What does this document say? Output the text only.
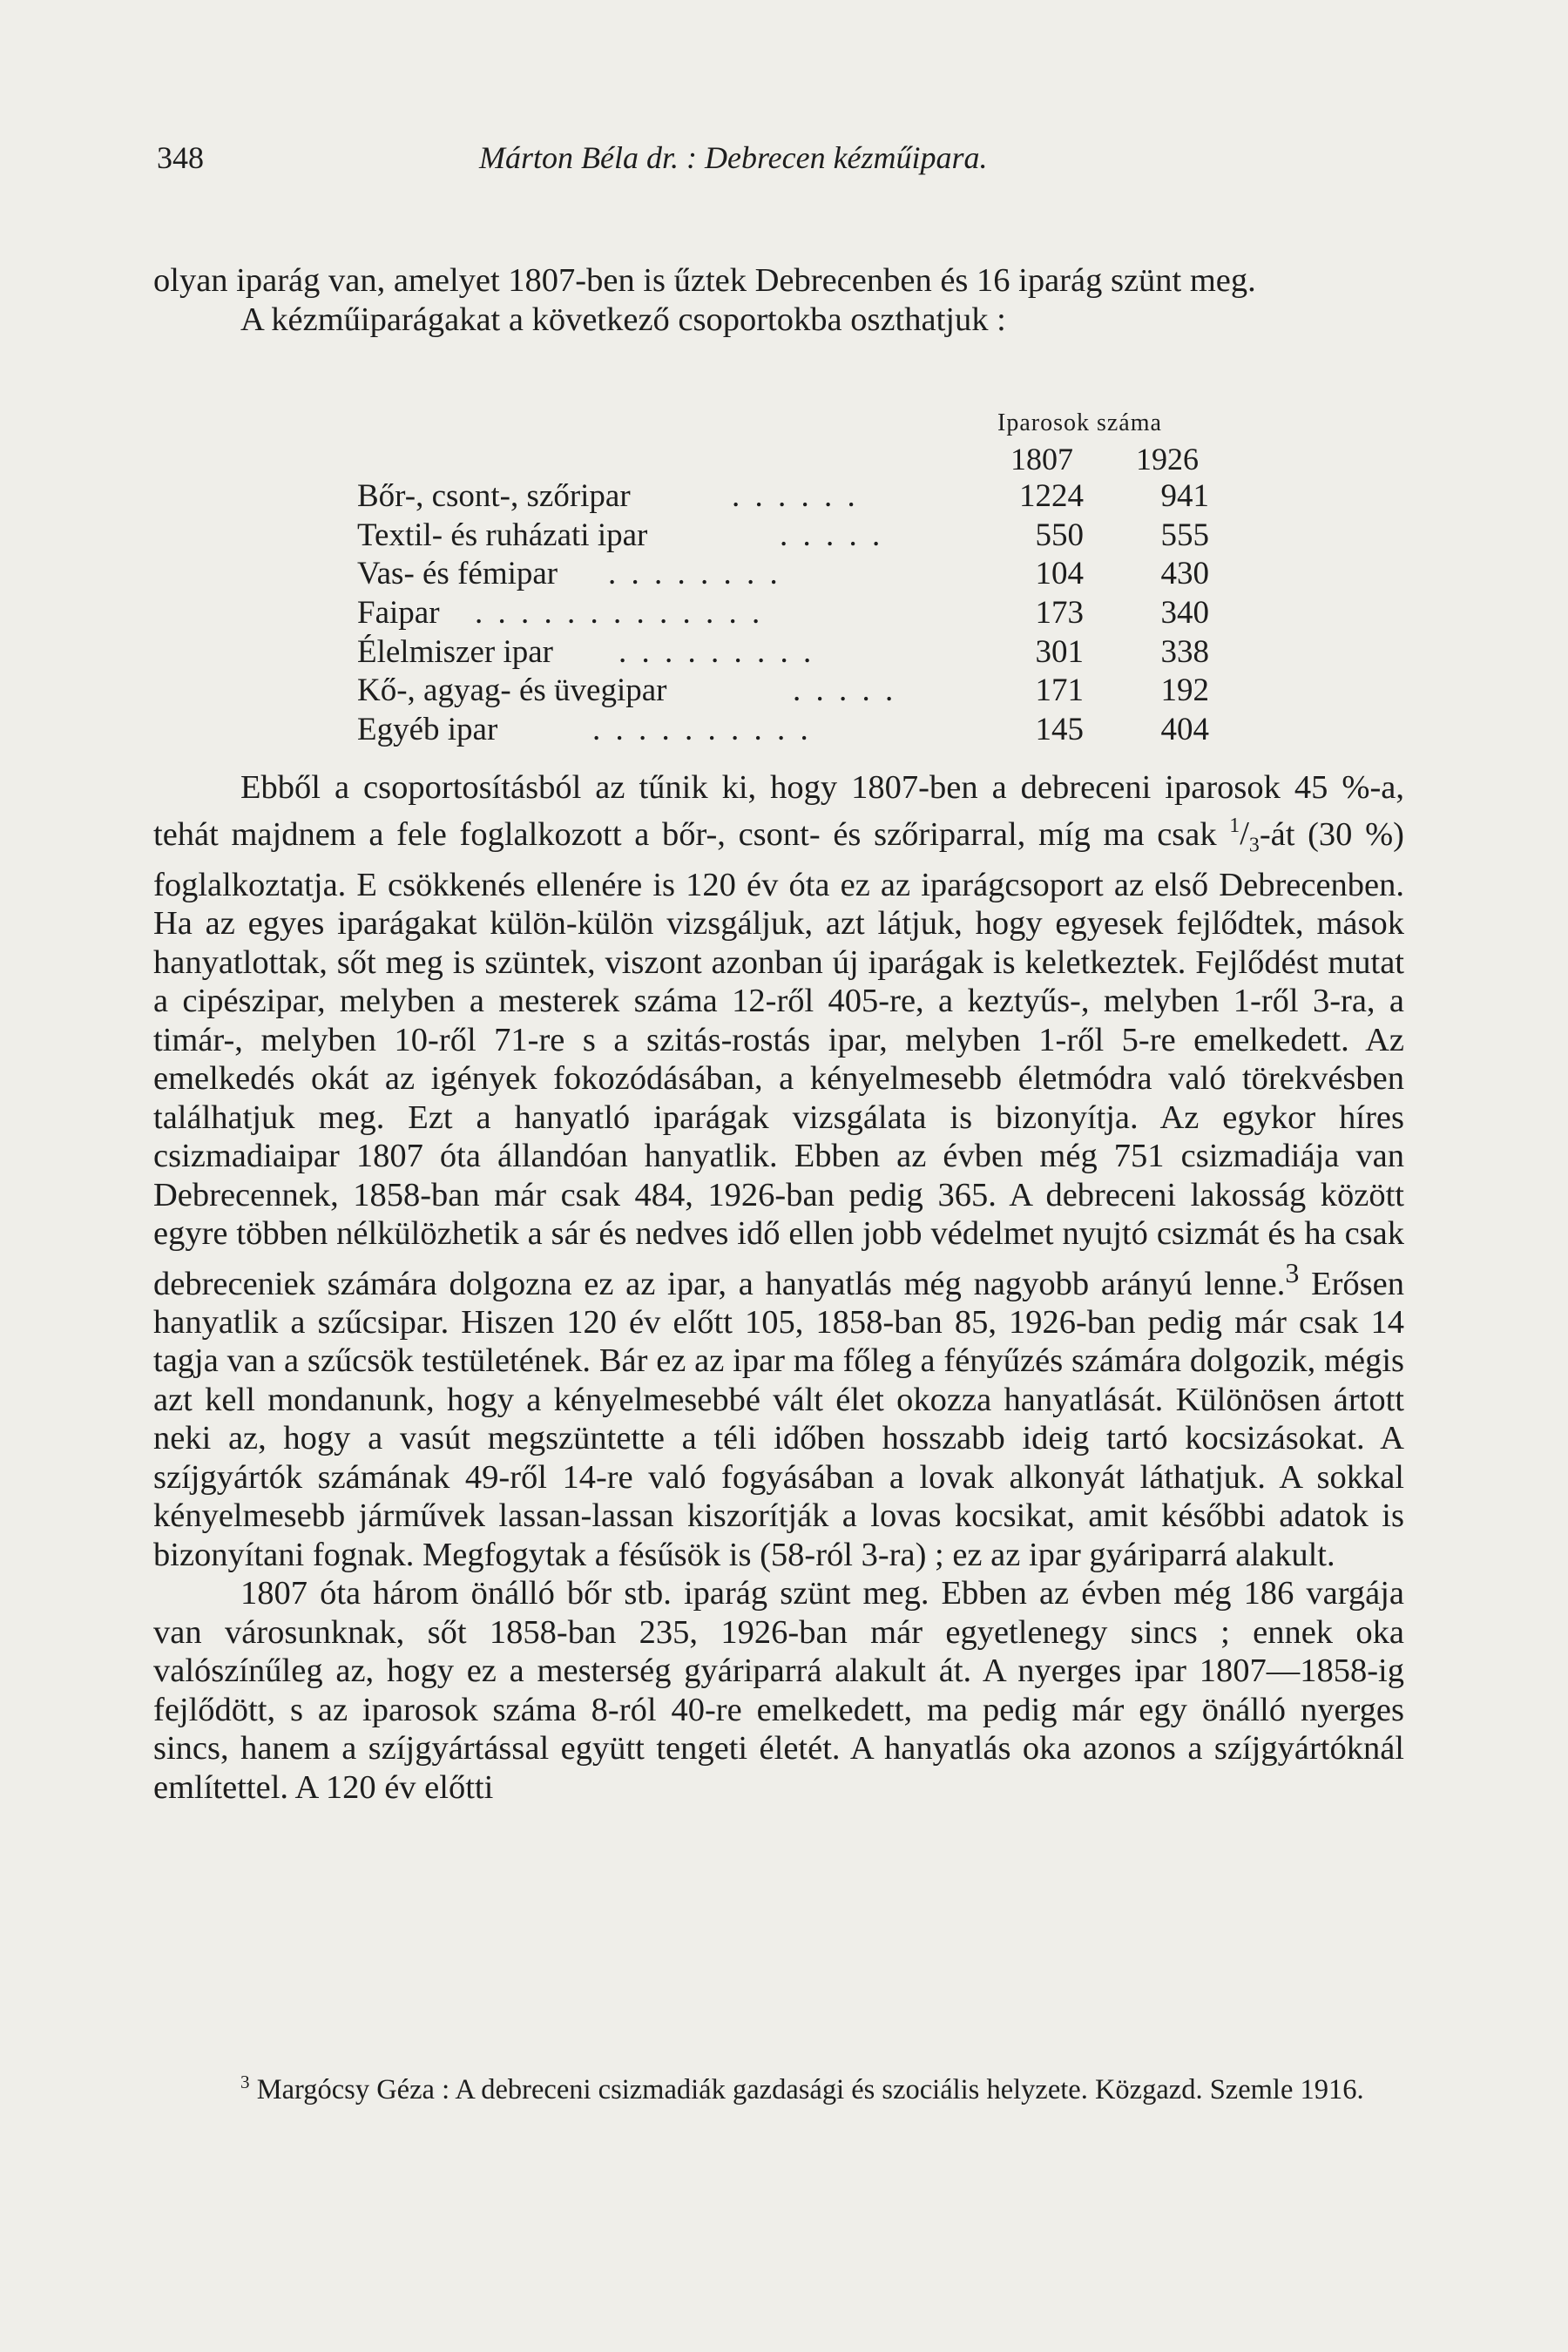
348	Márton Béla dr. : Debrecen kézműipara.

olyan iparág van, amelyet 1807-ben is űztek Debrecenben és 16 iparág szünt meg.

A kézműiparágakat a következő csoportokba oszthatjuk :

Iparosok száma
1807 1926
Bőr-, csont-, szőripar	. . . . . .	1224	941
Textil- és ruházati ipar	. . . . .	550	555
Vas- és fémipar . . . . . . . .	104	430
Faipar . . . . . . . . . . . . .	173	340
Élelmiszer ipar . . . . . . . . .	301	338
Kő-, agyag- és üvegipar	. . . . .	171	192
Egyéb ipar	. . . . . . . . . .	145	404

Ebből a csoportosításból az tűnik ki, hogy 1807-ben a debreceni iparosok 45 %-a, tehát majdnem a fele foglalkozott a bőr-, csont- és szőriparral, míg ma csak $^1/_3-át$ (30 %) foglalkoztatja. E csökkenés ellenére is 120 év óta ez az iparágcsoport az első Debrecenben. Ha az egyes iparágakat külön-külön vizsgáljuk, azt látjuk, hogy egyesek fejlődtek, mások hanyatlottak, sőt meg is szüntek, viszont azonban új iparágak is keletkeztek. Fejlődést mutat a cipészipar, melyben a mesterek száma 12-ről 405-re, a keztyűs-, melyben 1-ről 3-ra, a timár-, melyben 10-ről 71-re s a szitás-rostás ipar, melyben 1-ről 5-re emelkedett. Az emelkedés okát az igények fokozódásában, a kényelmesebb életmódra való törekvésben találhatjuk meg. Ezt a hanyatló iparágak vizsgálata is bizonyítja. Az egykor híres csizmadiaipar 1807 óta állandóan hanyatlik. Ebben az évben még 751 csizmadiája van Debrecennek, 1858-ban már csak 484, 1926-ban pedig 365. A debreceni lakosság között egyre többen nélkülözhetik a sár és nedves idő ellen jobb védelmet nyujtó csizmát és ha csak debreceniek számára dolgozna ez az ipar, a hanyatlás még nagyobb arányú lenne.$^3$ Erősen hanyatlik a szűcsipar. Hiszen 120 év előtt 105, 1858-ban 85, 1926-ban pedig már csak 14 tagja van a szűcsök testületének. Bár ez az ipar ma főleg a fényűzés számára dolgozik, mégis azt kell mondanunk, hogy a kényelmesebbé vált élet okozza hanyatlását. Különösen ártott neki az, hogy a vasút megszüntette a téli időben hosszabb ideig tartó kocsizásokat. A szíjgyártók számának 49-ről 14-re való fogyásában a lovak alkonyát láthatjuk. A sokkal kényelmesebb járművek lassan-lassan kiszorítják a lovas kocsikat, amit későbbi adatok is bizonyítani fognak. Megfogytak a fésűsök is (58-ról 3-ra) ; ez az ipar gyáriparrá alakult.

1807 óta három önálló bőr stb. iparág szünt meg. Ebben az évben még 186 vargája van városunknak, sőt 1858-ban 235, 1926-ban már egyetlenegy sincs ; ennek oka valószínűleg az, hogy ez a mesterség gyáriparrá alakult át. A nyerges ipar 1807—1858-ig fejlődött, s az iparosok száma 8-ról 40-re emelkedett, ma pedig már egy önálló nyerges sincs, hanem a szíjgyártással együtt tengeti életét. A hanyatlás oka azonos a szíjgyártóknál említettel. A 120 év előtti

$^3$ Margócsy Géza : A debreceni csizmadiák gazdasági és szociális helyzete. Közgazd. Szemle 1916.
